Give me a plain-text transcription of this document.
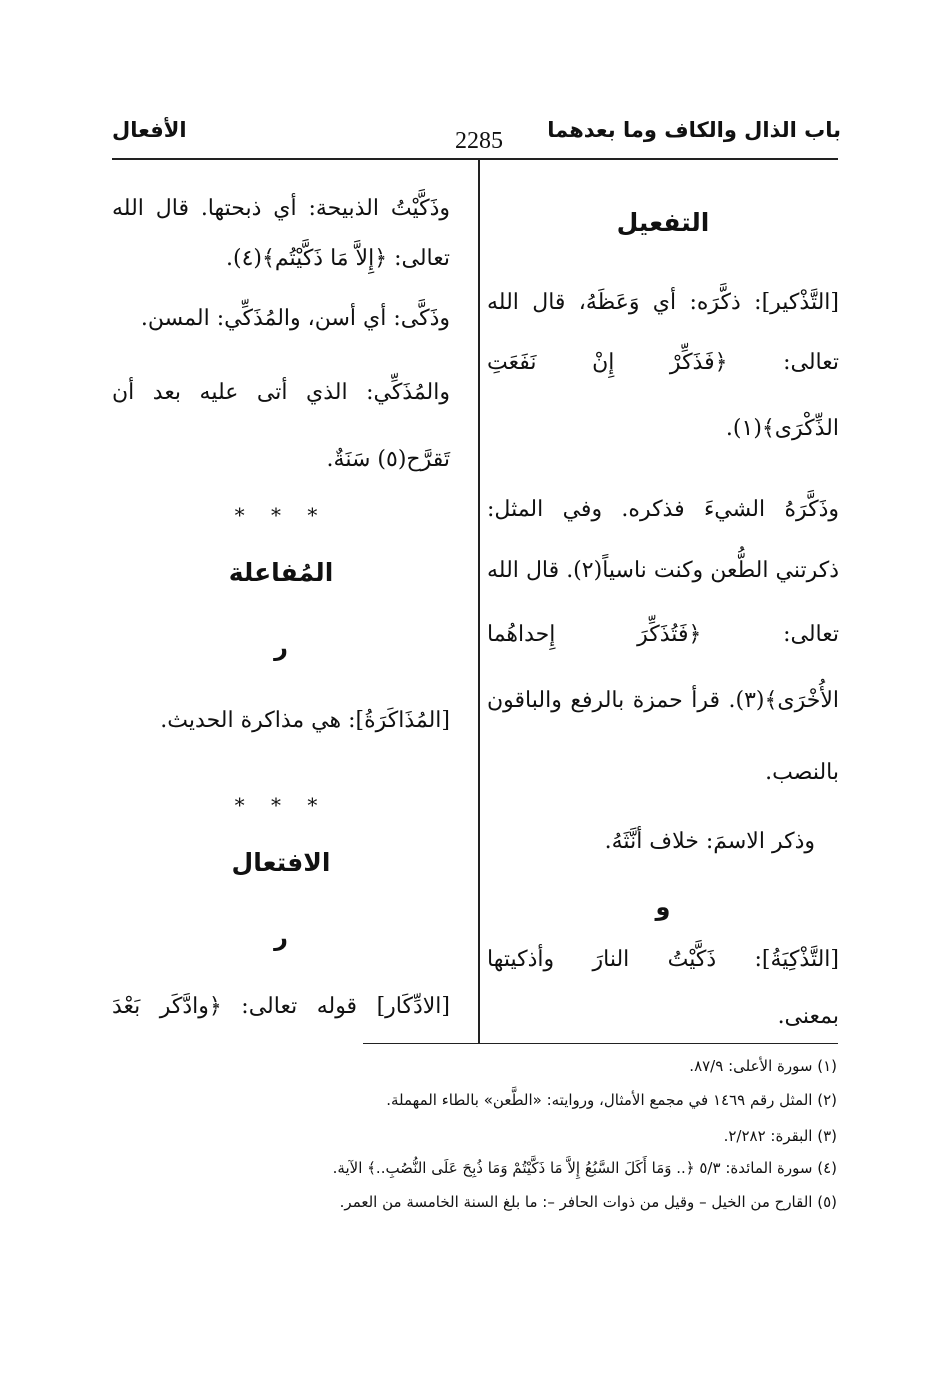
باب الذال والكاف وما بعدهما
2285
الأفعال
التفعيل
[التَّذْكير]: ذكَّرَه: أي وَعَظَهُ، قال الله
تعالى: ﴿فَذَكِّرْ إِنْ نَفَعَتِ
الذِّكْرَى﴾(١).
وذَكَّرَهُ الشيءَ فذكره. وفي المثل:
ذكرتني الطُّعن وكنت ناسياً(٢). قال الله
تعالى: ﴿فَتُذَكِّرَ إِحداهُما
الأُخْرَى﴾(٣). قرأ حمزة بالرفع والباقون
بالنصب.
وذكر الاسمَ: خلاف أنَّثَهُ.
و
[التَّذْكِيَةُ]: ذَكَّيْتُ النارَ وأذكيتها
بمعنى.
وذَكَّيْتُ الذبيحة: أي ذبحتها. قال الله
تعالى: ﴿إِلاَّ مَا ذَكَّيْتُم﴾(٤).
وذَكَّى: أي أسن، والمُذَكِّي: المسن.
والمُذَكِّي: الذي أتى عليه بعد أن
تَقرَّح(٥) سَنَةٌ.
* * *
المُفاعلة
ر
[المُذَاكَرَةُ]: هي مذاكرة الحديث.
* * *
الافتعال
ر
[الادِّكَار] قوله تعالى: ﴿وادَّكَر بَعْدَ
(١) سورة الأعلى: ٨٧/٩.
(٢) المثل رقم ١٤٦٩ في مجمع الأمثال، وروايته: «الطَّعن» بالطاء المهملة.
(٣) البقرة: ٢/٢٨٢.
(٤) سورة المائدة: ٥/٣ ﴿.. وَمَا أَكَلَ السَّبُعُ إِلاَّ مَا ذَكَّيْتُمْ وَمَا ذُبِحَ عَلَى النُّصُبِ..﴾ الآية.
(٥) القارح من الخيل – وقيل من ذوات الحافر –: ما بلغ السنة الخامسة من العمر.
